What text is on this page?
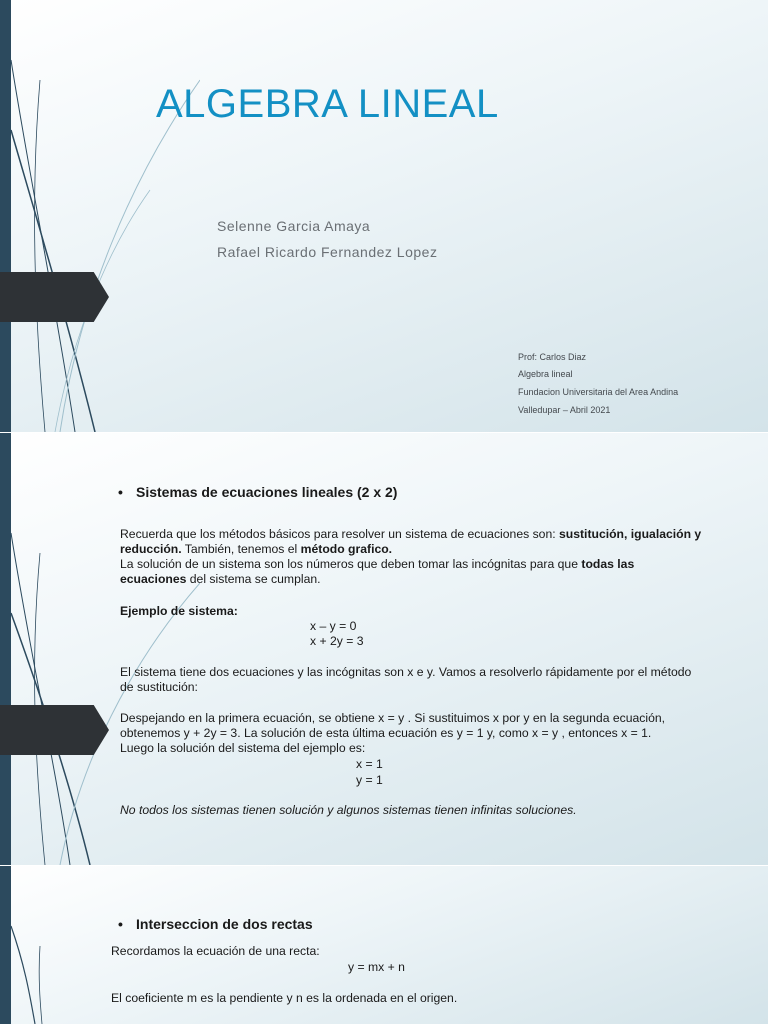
ALGEBRA LINEAL
Selenne Garcia Amaya
Rafael Ricardo Fernandez Lopez
Prof: Carlos Diaz
Algebra lineal
Fundacion Universitaria del Area Andina
Valledupar – Abril 2021
• Sistemas de ecuaciones lineales (2 x 2)
Recuerda que los métodos básicos para resolver un sistema de ecuaciones son: sustitución, igualación y
reducción. También, tenemos el método grafico.
La solución de un sistema son los números que deben tomar las incógnitas para que todas las
ecuaciones del sistema se cumplan.
Ejemplo de sistema:
x – y = 0
x + 2y = 3
El sistema tiene dos ecuaciones y las incógnitas son x e y. Vamos a resolverlo rápidamente por el método
de sustitución:
Despejando en la primera ecuación, se obtiene x = y . Si sustituimos x por y en la segunda ecuación,
obtenemos y + 2y = 3. La solución de esta última ecuación es y = 1 y, como x = y , entonces x = 1.
Luego la solución del sistema del ejemplo es:
x = 1
y = 1
No todos los sistemas tienen solución y algunos sistemas tienen infinitas soluciones.
• Interseccion de dos rectas
Recordamos la ecuación de una recta:
y = mx + n
El coeficiente m es la pendiente y n es la ordenada en el origen.
